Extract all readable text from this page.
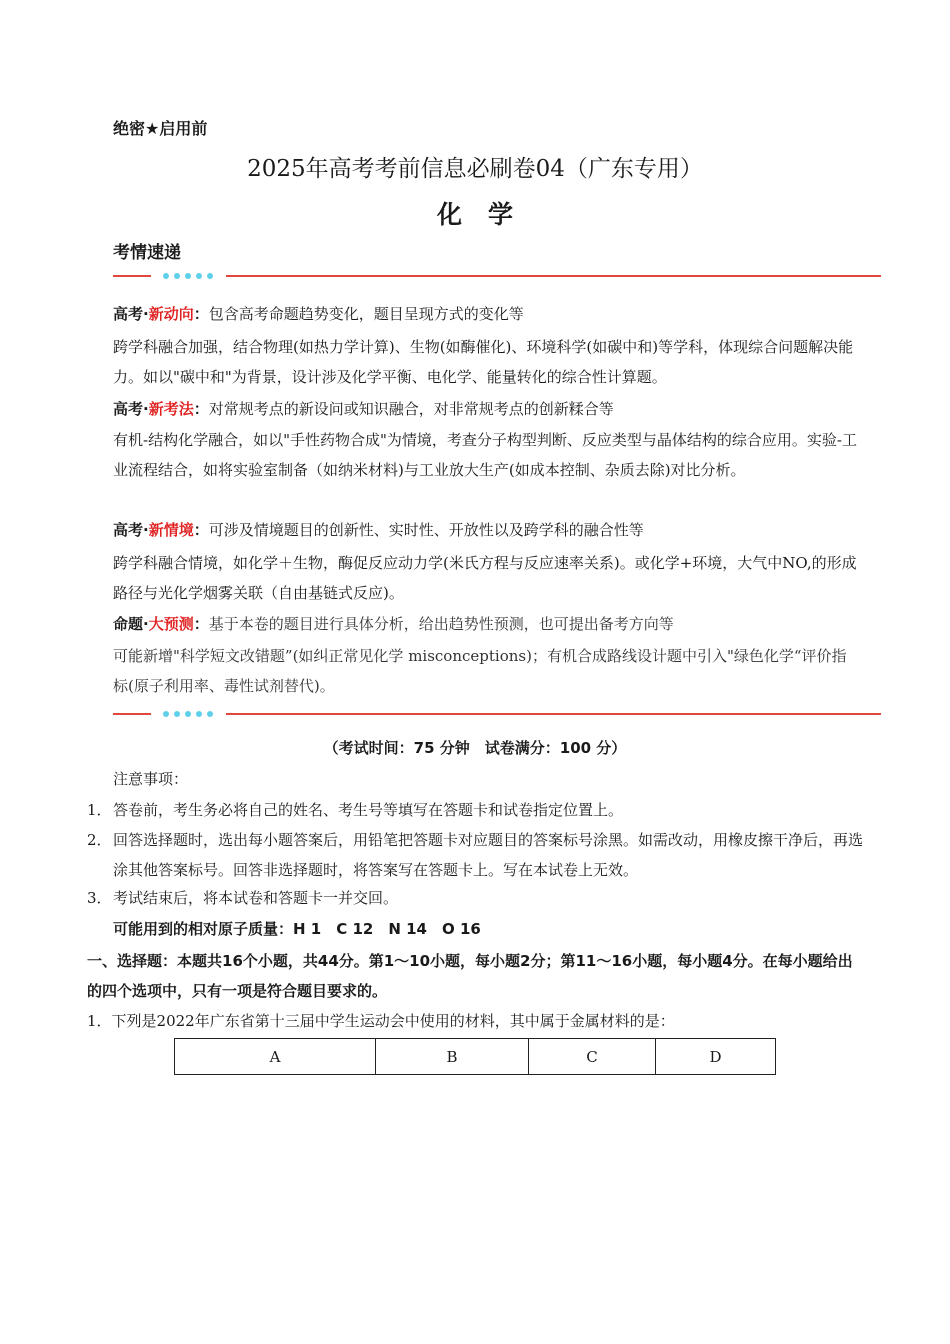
绝密★启用前
2025年高考考前信息必刷卷04（广东专用）
化学
考情速递
高考·新动向：包含高考命题趋势变化，题目呈现方式的变化等
跨学科融合加强，结合物理(如热力学计算)、生物(如酶催化)、环境科学(如碳中和)等学科，体现综合问题解决能力。如以"碳中和"为背景，设计涉及化学平衡、电化学、能量转化的综合性计算题。
高考·新考法：对常规考点的新设问或知识融合，对非常规考点的创新糅合等
有机-结构化学融合，如以"手性药物合成"为情境，考查分子构型判断、反应类型与晶体结构的综合应用。实验-工业流程结合，如将实验室制备（如纳米材料)与工业放大生产(如成本控制、杂质去除)对比分析。
高考·新情境：可涉及情境题目的创新性、实时性、开放性以及跨学科的融合性等
跨学科融合情境，如化学＋生物，酶促反应动力学(米氏方程与反应速率关系)。或化学+环境，大气中NO,的形成路径与光化学烟雾关联（自由基链式反应)。
命题·大预测：基于本卷的题目进行具体分析，给出趋势性预测，也可提出备考方向等
可能新增"科学短文改错题”(如纠正常见化学 misconceptions)；有机合成路线设计题中引入"绿色化学“评价指标(原子利用率、毒性试剂替代)。
（考试时间：75 分钟　试卷满分：100 分）
注意事项：
1． 答卷前，考生务必将自己的姓名、考生号等填写在答题卡和试卷指定位置上。
2． 回答选择题时，选出每小题答案后，用铅笔把答题卡对应题目的答案标号涂黑。如需改动，用橡皮擦干净后，再选涂其他答案标号。回答非选择题时，将答案写在答题卡上。写在本试卷上无效。
3． 考试结束后，将本试卷和答题卡一并交回。
可能用到的相对原子质量：H 1　C 12　N 14　O 16
一、选择题：本题共16个小题，共44分。第1～10小题，每小题2分；第11～16小题，每小题4分。在每小题给出的四个选项中，只有一项是符合题目要求的。
1．下列是2022年广东省第十三届中学生运动会中使用的材料，其中属于金属材料的是：
A	B	C	D
